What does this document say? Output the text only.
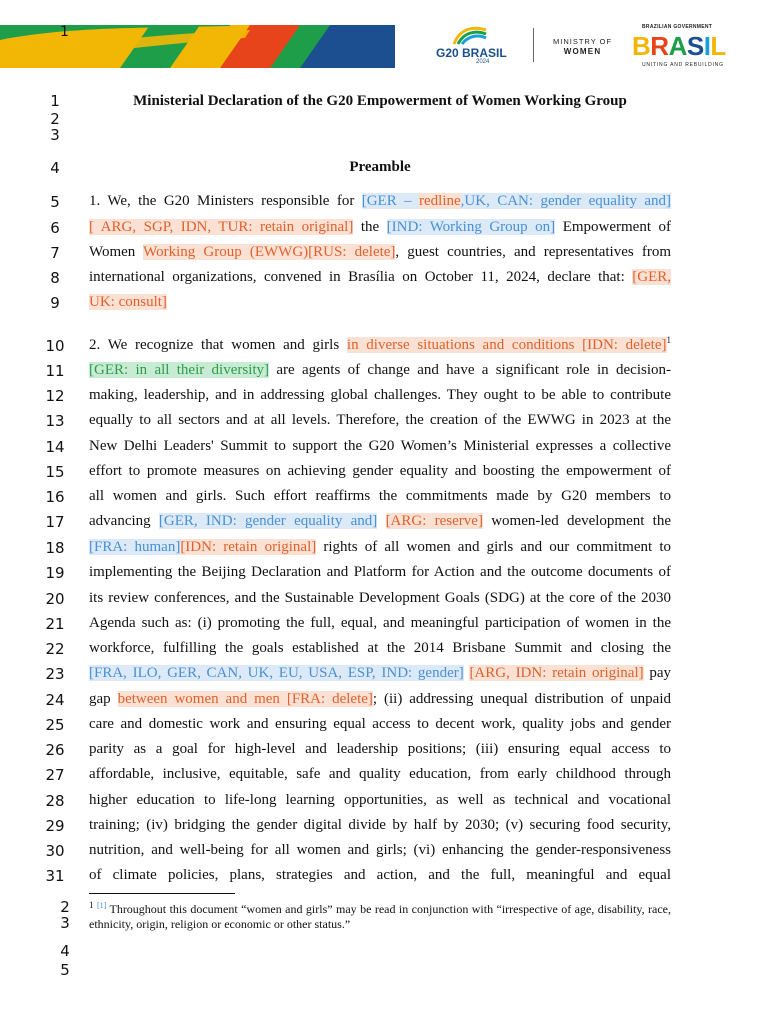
1
G20 BRASIL
2024
MINISTRY OF
WOMEN
BRAZILIAN GOVERNMENT
BRASIL
UNITING AND REBUILDING
1
2
3
Ministerial Declaration of the G20 Empowerment of Women Working Group
4	Preamble
5	1. We, the G20 Ministers responsible for [GER – redline,UK, CAN: gender equality and]
6	[ ARG, SGP, IDN, TUR: retain original] the [IND: Working Group on] Empowerment of
7	Women Working Group (EWWG)[RUS: delete], guest countries, and representatives from
8	international organizations, convened in Brasília on October 11, 2024, declare that: [GER,
9	UK: consult]
10	2. We recognize that women and girls in diverse situations and conditions [IDN: delete]$^1$
11	[GER: in all their diversity] are agents of change and have a significant role in decision-
12	making, leadership, and in addressing global challenges. They ought to be able to contribute
13	equally to all sectors and at all levels. Therefore, the creation of the EWWG in 2023 at the
14	New Delhi Leaders' Summit to support the G20 Women’s Ministerial expresses a collective
15	effort to promote measures on achieving gender equality and boosting the empowerment of
16	all women and girls. Such effort reaffirms the commitments made by G20 members to
17	advancing [GER, IND: gender equality and] [ARG: reserve] women-led development the
18	[FRA: human][IDN: retain original] rights of all women and girls and our commitment to
19	implementing the Beijing Declaration and Platform for Action and the outcome documents of
20	its review conferences, and the Sustainable Development Goals (SDG) at the core of the 2030
21	Agenda such as: (i) promoting the full, equal, and meaningful participation of women in the
22	workforce, fulfilling the goals established at the 2014 Brisbane Summit and closing the
23	[FRA, ILO, GER, CAN, UK, EU, USA, ESP, IND: gender] [ARG, IDN: retain original] pay
24	gap between women and men [FRA: delete]; (ii) addressing unequal distribution of unpaid
25	care and domestic work and ensuring equal access to decent work, quality jobs and gender
26	parity as a goal for high-level and leadership positions; (iii) ensuring equal access to
27	affordable, inclusive, equitable, safe and quality education, from early childhood through
28	higher education to life-long learning opportunities, as well as technical and vocational
29	training; (iv) bridging the gender digital divide by half by 2030; (v) securing food security,
30	nutrition, and well-being for all women and girls; (vi) enhancing the gender-responsiveness
31	of climate policies, plans, strategies and action, and the full, meaningful and equal
2
3
4
5
$^1$ [1] Throughout this document “women and girls” may be read in conjunction with “irrespective of age, disability, race, ethnicity, origin, religion or economic or other status.”
